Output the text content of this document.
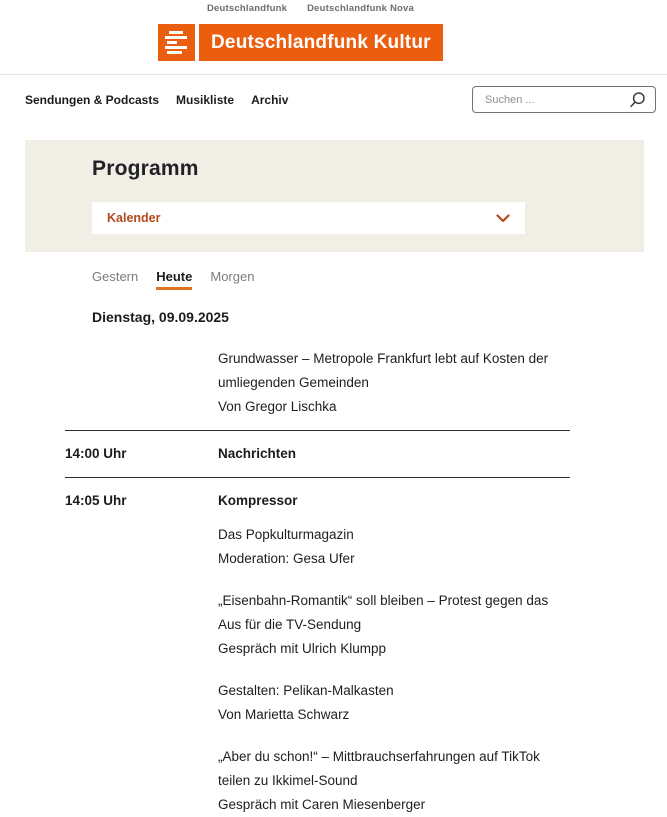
Deutschlandfunk Deutschlandfunk Nova
Deutschlandfunk Kultur
Sendungen & Podcasts Musikliste Archiv
Suchen ...
Programm
Kalender
Gestern Heute Morgen
Dienstag, 09.09.2025

Grundwasser – Metropole Frankfurt lebt auf Kosten der umliegenden Gemeinden
Von Gregor Lischka

14:00 Uhr	Nachrichten
14:05 Uhr	Kompressor

Das Popkulturmagazin
Moderation: Gesa Ufer

„Eisenbahn-Romantik“ soll bleiben – Protest gegen das Aus für die TV-Sendung
Gespräch mit Ulrich Klumpp

Gestalten: Pelikan-Malkasten
Von Marietta Schwarz

„Aber du schon!“ – Mittbrauchserfahrungen auf TikTok teilen zu Ikkimel-Sound
Gespräch mit Caren Miesenberger
